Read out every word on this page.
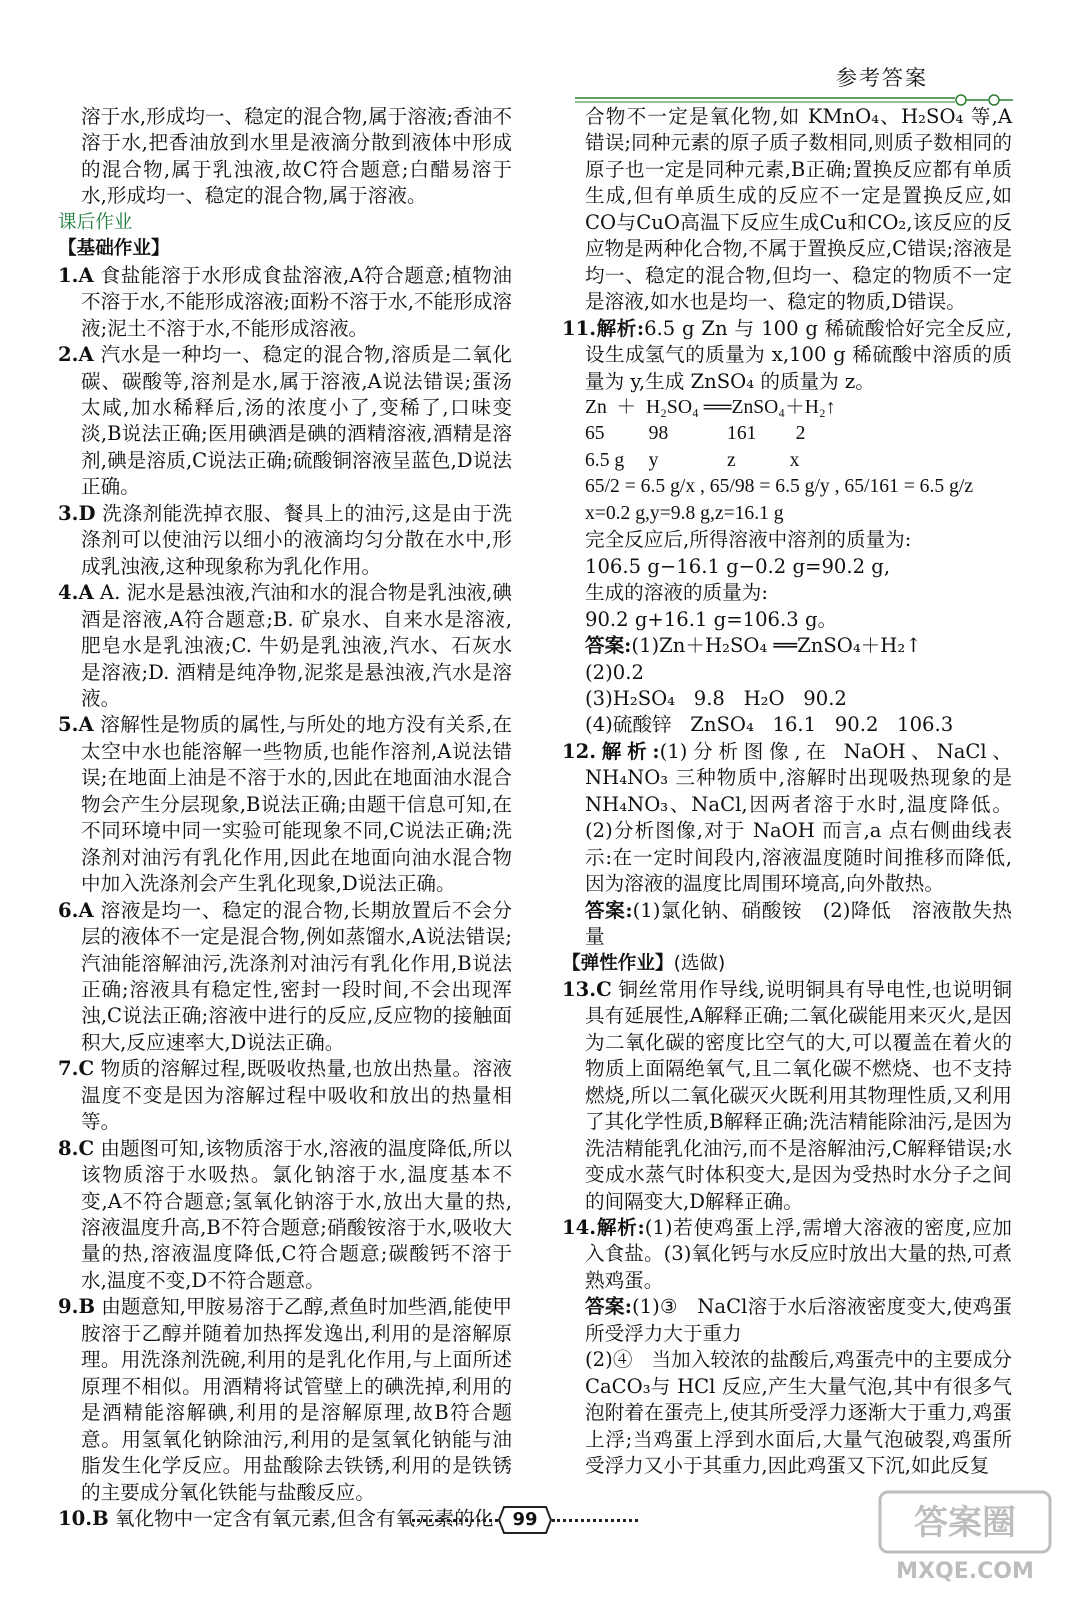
参考答案

溶于水,形成均一、稳定的混合物,属于溶液;香油不溶于水,把香油放到水里是液滴分散到液体中形成的混合物,属于乳浊液,故C符合题意;白醋易溶于水,形成均一、稳定的混合物,属于溶液。

课后作业

【基础作业】

1.A 食盐能溶于水形成食盐溶液,A符合题意;植物油不溶于水,不能形成溶液;面粉不溶于水,不能形成溶液;泥土不溶于水,不能形成溶液。

2.A 汽水是一种均一、稳定的混合物,溶质是二氧化碳、碳酸等,溶剂是水,属于溶液,A说法错误;蛋汤太咸,加水稀释后,汤的浓度小了,变稀了,口味变淡,B说法正确;医用碘酒是碘的酒精溶液,酒精是溶剂,碘是溶质,C说法正确;硫酸铜溶液呈蓝色,D说法正确。

3.D 洗涤剂能洗掉衣服、餐具上的油污,这是由于洗涤剂可以使油污以细小的液滴均匀分散在水中,形成乳浊液,这种现象称为乳化作用。

4.A A. 泥水是悬浊液,汽油和水的混合物是乳浊液,碘酒是溶液,A符合题意;B. 矿泉水、自来水是溶液,肥皂水是乳浊液;C. 牛奶是乳浊液,汽水、石灰水是溶液;D. 酒精是纯净物,泥浆是悬浊液,汽水是溶液。

5.A 溶解性是物质的属性,与所处的地方没有关系,在太空中水也能溶解一些物质,也能作溶剂,A说法错误;在地面上油是不溶于水的,因此在地面油水混合物会产生分层现象,B说法正确;由题干信息可知,在不同环境中同一实验可能现象不同,C说法正确;洗涤剂对油污有乳化作用,因此在地面向油水混合物中加入洗涤剂会产生乳化现象,D说法正确。

6.A 溶液是均一、稳定的混合物,长期放置后不会分层的液体不一定是混合物,例如蒸馏水,A说法错误;汽油能溶解油污,洗涤剂对油污有乳化作用,B说法正确;溶液具有稳定性,密封一段时间,不会出现浑浊,C说法正确;溶液中进行的反应,反应物的接触面积大,反应速率大,D说法正确。

7.C 物质的溶解过程,既吸收热量,也放出热量。溶液温度不变是因为溶解过程中吸收和放出的热量相等。

8.C 由题图可知,该物质溶于水,溶液的温度降低,所以该物质溶于水吸热。氯化钠溶于水,温度基本不变,A不符合题意;氢氧化钠溶于水,放出大量的热,溶液温度升高,B不符合题意;硝酸铵溶于水,吸收大量的热,溶液温度降低,C符合题意;碳酸钙不溶于水,温度不变,D不符合题意。

9.B 由题意知,甲胺易溶于乙醇,煮鱼时加些酒,能使甲胺溶于乙醇并随着加热挥发逸出,利用的是溶解原理。用洗涤剂洗碗,利用的是乳化作用,与上面所述原理不相似。用酒精将试管壁上的碘洗掉,利用的是酒精能溶解碘,利用的是溶解原理,故B符合题意。用氢氧化钠除油污,利用的是氢氧化钠能与油脂发生化学反应。用盐酸除去铁锈,利用的是铁锈的主要成分氧化铁能与盐酸反应。

10.B 氧化物中一定含有氧元素,但含有氧元素的化

合物不一定是氧化物,如 KMnO₄、H₂SO₄ 等,A错误;同种元素的原子质子数相同,则质子数相同的原子也一定是同种元素,B正确;置换反应都有单质生成,但有单质生成的反应不一定是置换反应,如CO与CuO高温下反应生成Cu和CO₂,该反应的反应物是两种化合物,不属于置换反应,C错误;溶液是均一、稳定的混合物,但均一、稳定的物质不一定是溶液,如水也是均一、稳定的物质,D错误。

11.解析:6.5 g Zn 与 100 g 稀硫酸恰好完全反应,设生成氢气的质量为 x,100 g 稀硫酸中溶质的质量为 y,生成 ZnSO₄ 的质量为 z。

Zn  ＋  H₂SO₄ ══ZnSO₄＋H₂↑

65         98            161        2

6.5 g     y              z           x

65/2 = 6.5 g/x , 65/98 = 6.5 g/y , 65/161 = 6.5 g/z

x=0.2 g,y=9.8 g,z=16.1 g

完全反应后,所得溶液中溶剂的质量为:

106.5 g−16.1 g−0.2 g=90.2 g,

生成的溶液的质量为:

90.2 g+16.1 g=106.3 g。

答案:(1)Zn＋H₂SO₄ ══ZnSO₄＋H₂↑

(2)0.2

(3)H₂SO₄   9.8   H₂O   90.2

(4)硫酸锌   ZnSO₄   16.1   90.2   106.3

12.解析:(1)分析图像,在 NaOH、NaCl、NH₄NO₃ 三种物质中,溶解时出现吸热现象的是 NH₄NO₃、NaCl,因两者溶于水时,温度降低。(2)分析图像,对于 NaOH 而言,a 点右侧曲线表示:在一定时间段内,溶液温度随时间推移而降低,因为溶液的温度比周围环境高,向外散热。

答案:(1)氯化钠、硝酸铵   (2)降低   溶液散失热量

【弹性作业】(选做)

13.C 铜丝常用作导线,说明铜具有导电性,也说明铜具有延展性,A解释正确;二氧化碳能用来灭火,是因为二氧化碳的密度比空气的大,可以覆盖在着火的物质上面隔绝氧气,且二氧化碳不燃烧、也不支持燃烧,所以二氧化碳灭火既利用其物理性质,又利用了其化学性质,B解释正确;洗洁精能除油污,是因为洗洁精能乳化油污,而不是溶解油污,C解释错误;水变成水蒸气时体积变大,是因为受热时水分子之间的间隔变大,D解释正确。

14.解析:(1)若使鸡蛋上浮,需增大溶液的密度,应加入食盐。(3)氧化钙与水反应时放出大量的热,可煮熟鸡蛋。

答案:(1)③   NaCl溶于水后溶液密度变大,使鸡蛋所受浮力大于重力

(2)④   当加入较浓的盐酸后,鸡蛋壳中的主要成分CaCO₃与 HCl 反应,产生大量气泡,其中有很多气泡附着在蛋壳上,使其所受浮力逐渐大于重力,鸡蛋上浮;当鸡蛋上浮到水面后,大量气泡破裂,鸡蛋所受浮力又小于其重力,因此鸡蛋又下沉,如此反复

99	答案圈
MXQE.COM
